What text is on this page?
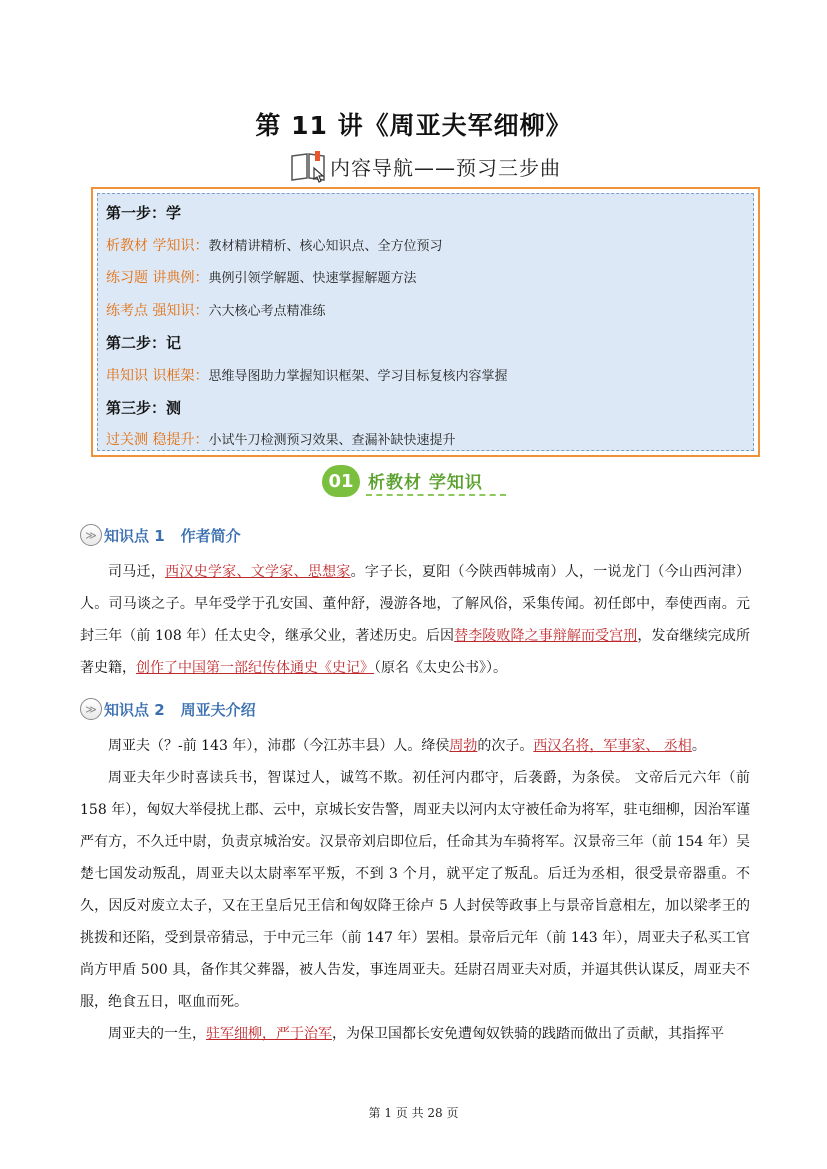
第 11 讲《周亚夫军细柳》
内容导航——预习三步曲
第一步：学
析教材 学知识：教材精讲精析、核心知识点、全方位预习
练习题 讲典例：典例引领学解题、快速掌握解题方法
练考点 强知识：六大核心考点精准练
第二步：记
串知识 识框架：思维导图助力掌握知识框架、学习目标复核内容掌握
第三步：测
过关测 稳提升：小试牛刀检测预习效果、查漏补缺快速提升
01 析教材 学知识
≫ 知识点 1 作者简介

司马迁，西汉史学家、文学家、思想家。字子长，夏阳（今陕西韩城南）人，一说龙门（今山西河津）人。司马谈之子。早年受学于孔安国、董仲舒，漫游各地，了解风俗，采集传闻。初任郎中，奉使西南。元封三年（前 108 年）任太史令，继承父业，著述历史。后因替李陵败降之事辩解而受宫刑，发奋继续完成所著史籍，创作了中国第一部纪传体通史《史记》（原名《太史公书》）。

≫ 知识点 2 周亚夫介绍

周亚夫（？-前 143 年），沛郡（今江苏丰县）人。绛侯周勃的次子。西汉名将，军事家、 丞相。

周亚夫年少时喜读兵书，智谋过人，诚笃不欺。初任河内郡守，后袭爵，为条侯。 文帝后元六年（前 158 年），匈奴大举侵扰上郡、云中，京城长安告警，周亚夫以河内太守被任命为将军，驻屯细柳，因治军谨严有方，不久迁中尉，负责京城治安。汉景帝刘启即位后，任命其为车骑将军。汉景帝三年（前 154 年）吴楚七国发动叛乱，周亚夫以太尉率军平叛，不到 3 个月，就平定了叛乱。后迁为丞相，很受景帝器重。不久，因反对废立太子，又在王皇后兄王信和匈奴降王徐卢 5 人封侯等政事上与景帝旨意相左，加以梁孝王的挑拨和还陷，受到景帝猜忌，于中元三年（前 147 年）罢相。景帝后元年（前 143 年），周亚夫子私买工官尚方甲盾 500 具，备作其父葬器，被人告发，事连周亚夫。廷尉召周亚夫对质，并逼其供认谋反，周亚夫不服，绝食五日，呕血而死。

周亚夫的一生，驻军细柳，严于治军，为保卫国都长安免遭匈奴铁骑的践踏而做出了贡献，其指挥平

第 1 页 共 28 页
